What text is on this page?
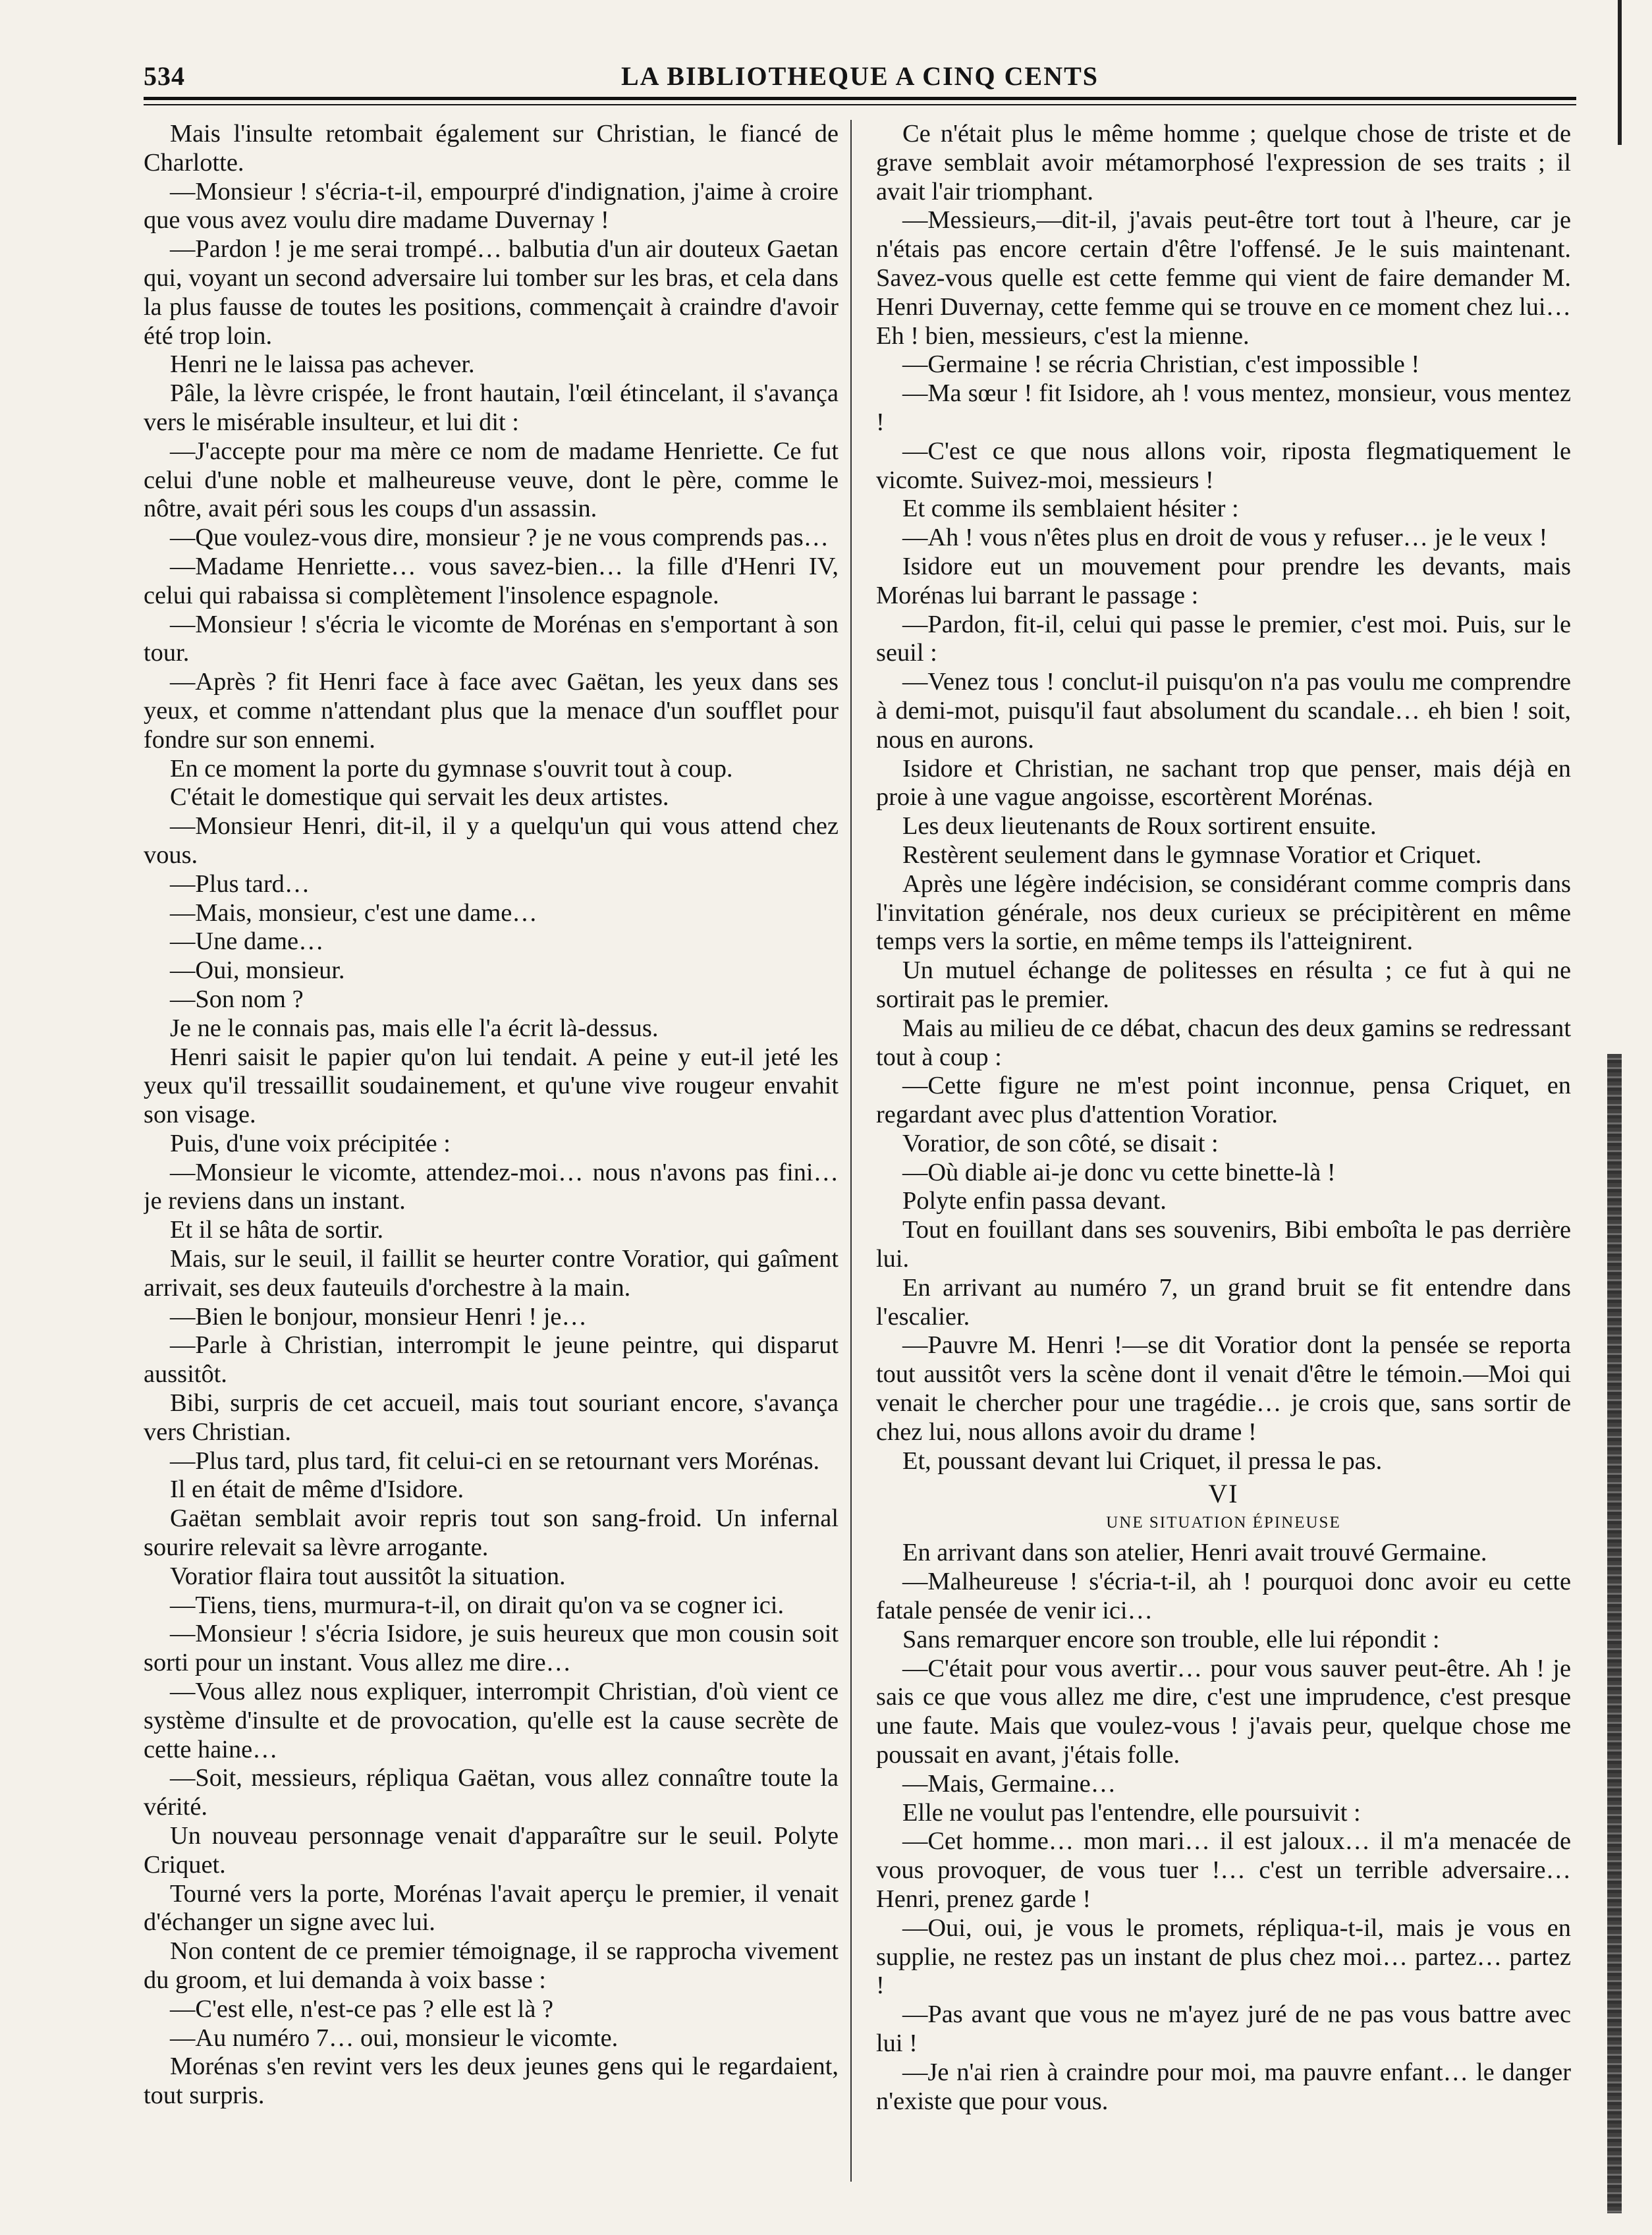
534	LA BIBLIOTHEQUE A CINQ CENTS

Mais l'insulte retombait également sur Christian, le fiancé de Charlotte.

—Monsieur ! s'écria-t-il, empourpré d'indignation, j'aime à croire que vous avez voulu dire madame Duvernay !

—Pardon ! je me serai trompé… balbutia d'un air douteux Gaetan qui, voyant un second adversaire lui tomber sur les bras, et cela dans la plus fausse de toutes les positions, commençait à craindre d'avoir été trop loin.

Henri ne le laissa pas achever.

Pâle, la lèvre crispée, le front hautain, l'œil étincelant, il s'avança vers le misérable insulteur, et lui dit :

—J'accepte pour ma mère ce nom de madame Henriette. Ce fut celui d'une noble et malheureuse veuve, dont le père, comme le nôtre, avait péri sous les coups d'un assassin.

—Que voulez-vous dire, monsieur ? je ne vous comprends pas…

—Madame Henriette… vous savez-bien… la fille d'Henri IV, celui qui rabaissa si complètement l'insolence espagnole.

—Monsieur ! s'écria le vicomte de Morénas en s'emportant à son tour.

—Après ? fit Henri face à face avec Gaëtan, les yeux dans ses yeux, et comme n'attendant plus que la menace d'un soufflet pour fondre sur son ennemi.

En ce moment la porte du gymnase s'ouvrit tout à coup.

C'était le domestique qui servait les deux artistes.

—Monsieur Henri, dit-il, il y a quelqu'un qui vous attend chez vous.

—Plus tard…

—Mais, monsieur, c'est une dame…

—Une dame…

—Oui, monsieur.

—Son nom ?

Je ne le connais pas, mais elle l'a écrit là-dessus.

Henri saisit le papier qu'on lui tendait. A peine y eut-il jeté les yeux qu'il tressaillit soudainement, et qu'une vive rougeur envahit son visage.

Puis, d'une voix précipitée :

—Monsieur le vicomte, attendez-moi… nous n'avons pas fini… je reviens dans un instant.

Et il se hâta de sortir.

Mais, sur le seuil, il faillit se heurter contre Voratior, qui gaîment arrivait, ses deux fauteuils d'orchestre à la main.

—Bien le bonjour, monsieur Henri ! je…

—Parle à Christian, interrompit le jeune peintre, qui disparut aussitôt.

Bibi, surpris de cet accueil, mais tout souriant encore, s'avança vers Christian.

—Plus tard, plus tard, fit celui-ci en se retournant vers Morénas.

Il en était de même d'Isidore.

Gaëtan semblait avoir repris tout son sang-froid. Un infernal sourire relevait sa lèvre arrogante.

Voratior flaira tout aussitôt la situation.

—Tiens, tiens, murmura-t-il, on dirait qu'on va se cogner ici.

—Monsieur ! s'écria Isidore, je suis heureux que mon cousin soit sorti pour un instant. Vous allez me dire…

—Vous allez nous expliquer, interrompit Christian, d'où vient ce système d'insulte et de provocation, qu'elle est la cause secrète de cette haine…

—Soit, messieurs, répliqua Gaëtan, vous allez connaître toute la vérité.

Un nouveau personnage venait d'apparaître sur le seuil. Polyte Criquet.

Tourné vers la porte, Morénas l'avait aperçu le premier, il venait d'échanger un signe avec lui.

Non content de ce premier témoignage, il se rapprocha vivement du groom, et lui demanda à voix basse :

—C'est elle, n'est-ce pas ? elle est là ?

—Au numéro 7… oui, monsieur le vicomte.

Morénas s'en revint vers les deux jeunes gens qui le regardaient, tout surpris.

Ce n'était plus le même homme ; quelque chose de triste et de grave semblait avoir métamorphosé l'expression de ses traits ; il avait l'air triomphant.

—Messieurs,—dit-il, j'avais peut-être tort tout à l'heure, car je n'étais pas encore certain d'être l'offensé. Je le suis maintenant. Savez-vous quelle est cette femme qui vient de faire demander M. Henri Duvernay, cette femme qui se trouve en ce moment chez lui… Eh ! bien, messieurs, c'est la mienne.

—Germaine ! se récria Christian, c'est impossible !

—Ma sœur ! fit Isidore, ah ! vous mentez, monsieur, vous mentez !

—C'est ce que nous allons voir, riposta flegmatiquement le vicomte. Suivez-moi, messieurs !

Et comme ils semblaient hésiter :

—Ah ! vous n'êtes plus en droit de vous y refuser… je le veux !

Isidore eut un mouvement pour prendre les devants, mais Morénas lui barrant le passage :

—Pardon, fit-il, celui qui passe le premier, c'est moi. Puis, sur le seuil :

—Venez tous ! conclut-il puisqu'on n'a pas voulu me comprendre à demi-mot, puisqu'il faut absolument du scandale… eh bien ! soit, nous en aurons.

Isidore et Christian, ne sachant trop que penser, mais déjà en proie à une vague angoisse, escortèrent Morénas.

Les deux lieutenants de Roux sortirent ensuite.

Restèrent seulement dans le gymnase Voratior et Criquet.

Après une légère indécision, se considérant comme compris dans l'invitation générale, nos deux curieux se précipitèrent en même temps vers la sortie, en même temps ils l'atteignirent.

Un mutuel échange de politesses en résulta ; ce fut à qui ne sortirait pas le premier.

Mais au milieu de ce débat, chacun des deux gamins se redressant tout à coup :

—Cette figure ne m'est point inconnue, pensa Criquet, en regardant avec plus d'attention Voratior.

Voratior, de son côté, se disait :

—Où diable ai-je donc vu cette binette-là !

Polyte enfin passa devant.

Tout en fouillant dans ses souvenirs, Bibi emboîta le pas derrière lui.

En arrivant au numéro 7, un grand bruit se fit entendre dans l'escalier.

—Pauvre M. Henri !—se dit Voratior dont la pensée se reporta tout aussitôt vers la scène dont il venait d'être le témoin.—Moi qui venait le chercher pour une tragédie… je crois que, sans sortir de chez lui, nous allons avoir du drame !

Et, poussant devant lui Criquet, il pressa le pas.

VI
UNE SITUATION ÉPINEUSE

En arrivant dans son atelier, Henri avait trouvé Germaine.

—Malheureuse ! s'écria-t-il, ah ! pourquoi donc avoir eu cette fatale pensée de venir ici…

Sans remarquer encore son trouble, elle lui répondit :

—C'était pour vous avertir… pour vous sauver peut-être. Ah ! je sais ce que vous allez me dire, c'est une imprudence, c'est presque une faute. Mais que voulez-vous ! j'avais peur, quelque chose me poussait en avant, j'étais folle.

—Mais, Germaine…

Elle ne voulut pas l'entendre, elle poursuivit :

—Cet homme… mon mari… il est jaloux… il m'a menacée de vous provoquer, de vous tuer !… c'est un terrible adversaire… Henri, prenez garde !

—Oui, oui, je vous le promets, répliqua-t-il, mais je vous en supplie, ne restez pas un instant de plus chez moi… partez… partez !

—Pas avant que vous ne m'ayez juré de ne pas vous battre avec lui !

—Je n'ai rien à craindre pour moi, ma pauvre enfant… le danger n'existe que pour vous.
